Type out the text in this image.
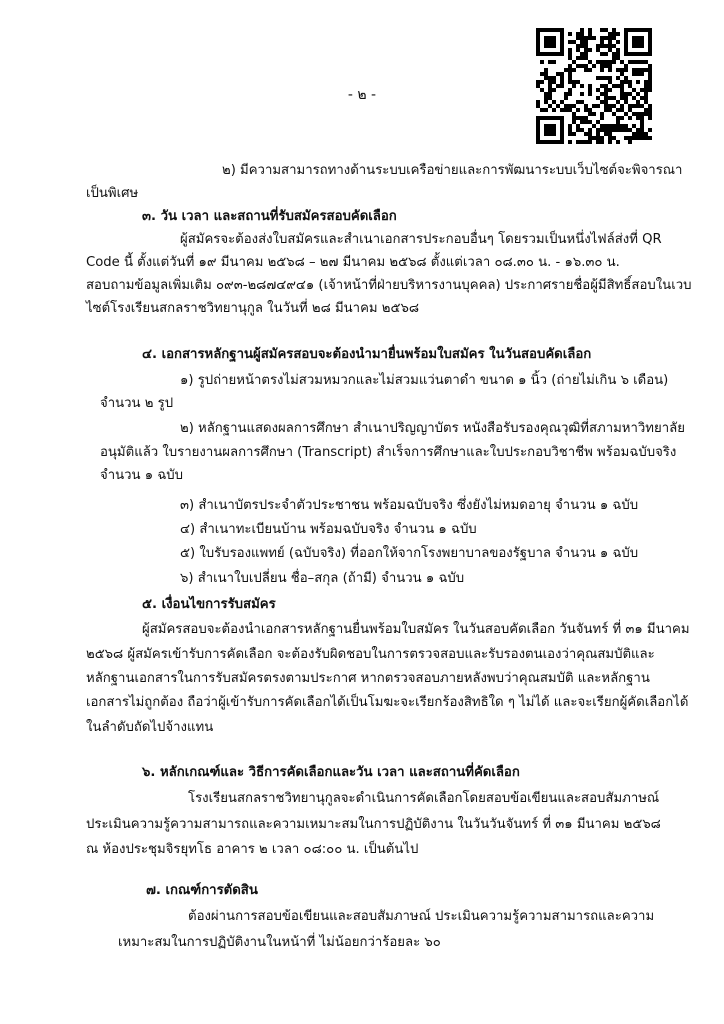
- ๒ -
๒) มีความสามารถทางด้านระบบเครือข่ายและการพัฒนาระบบเว็บไซต์จะพิจารณา
เป็นพิเศษ
๓. วัน เวลา และสถานที่รับสมัครสอบคัดเลือก
ผู้สมัครจะต้องส่งใบสมัครและสำเนาเอกสารประกอบอื่นๆ โดยรวมเป็นหนึ่งไฟล์ส่งที่ QR
Code นี้ ตั้งแต่วันที่ ๑๙ มีนาคม ๒๕๖๘ – ๒๗ มีนาคม ๒๕๖๘ ตั้งแต่เวลา ๐๘.๓๐ น. - ๑๖.๓๐ น.
สอบถามข้อมูลเพิ่มเติม ๐๙๓-๒๘๗๔๙๔๑ (เจ้าหน้าที่ฝ่ายบริหารงานบุคคล) ประกาศรายชื่อผู้มีสิทธิ์สอบในเวบ
ไซต์โรงเรียนสกลราชวิทยานุกูล ในวันที่ ๒๘ มีนาคม ๒๕๖๘
๔. เอกสารหลักฐานผู้สมัครสอบจะต้องนำมายื่นพร้อมใบสมัคร ในวันสอบคัดเลือก
๑) รูปถ่ายหน้าตรงไม่สวมหมวกและไม่สวมแว่นตาดำ ขนาด ๑ นิ้ว (ถ่ายไม่เกิน ๖ เดือน)
จำนวน ๒ รูป
๒) หลักฐานแสดงผลการศึกษา สำเนาปริญญาบัตร หนังสือรับรองคุณวุฒิที่สภามหาวิทยาลัย
อนุมัติแล้ว ใบรายงานผลการศึกษา (Transcript) สำเร็จการศึกษาและใบประกอบวิชาชีพ พร้อมฉบับจริง
จำนวน ๑ ฉบับ
๓) สำเนาบัตรประจำตัวประชาชน พร้อมฉบับจริง ซึ่งยังไม่หมดอายุ จำนวน ๑ ฉบับ
๔) สำเนาทะเบียนบ้าน พร้อมฉบับจริง จำนวน ๑ ฉบับ
๕) ใบรับรองแพทย์ (ฉบับจริง) ที่ออกให้จากโรงพยาบาลของรัฐบาล จำนวน ๑ ฉบับ
๖) สำเนาใบเปลี่ยน ชื่อ–สกุล (ถ้ามี) จำนวน ๑ ฉบับ
๕. เงื่อนไขการรับสมัคร
ผู้สมัครสอบจะต้องนำเอกสารหลักฐานยื่นพร้อมใบสมัคร ในวันสอบคัดเลือก วันจันทร์ ที่ ๓๑ มีนาคม
๒๕๖๘ ผู้สมัครเข้ารับการคัดเลือก จะต้องรับผิดชอบในการตรวจสอบและรับรองตนเองว่าคุณสมบัติและ
หลักฐานเอกสารในการรับสมัครตรงตามประกาศ หากตรวจสอบภายหลังพบว่าคุณสมบัติ และหลักฐาน
เอกสารไม่ถูกต้อง ถือว่าผู้เข้ารับการคัดเลือกได้เป็นโมฆะจะเรียกร้องสิทธิใด ๆ ไม่ได้ และจะเรียกผู้คัดเลือกได้
ในลำดับถัดไปจ้างแทน
๖. หลักเกณฑ์และ วิธีการคัดเลือกและวัน เวลา และสถานที่คัดเลือก
โรงเรียนสกลราชวิทยานุกูลจะดำเนินการคัดเลือกโดยสอบข้อเขียนและสอบสัมภาษณ์
ประเมินความรู้ความสามารถและความเหมาะสมในการปฏิบัติงาน ในวันวันจันทร์ ที่ ๓๑ มีนาคม ๒๕๖๘
ณ ห้องประชุมจิรยุทโธ อาคาร ๒ เวลา ๐๘:๐๐ น. เป็นต้นไป
๗. เกณฑ์การตัดสิน
ต้องผ่านการสอบข้อเขียนและสอบสัมภาษณ์ ประเมินความรู้ความสามารถและความ
เหมาะสมในการปฏิบัติงานในหน้าที่ ไม่น้อยกว่าร้อยละ ๖๐
